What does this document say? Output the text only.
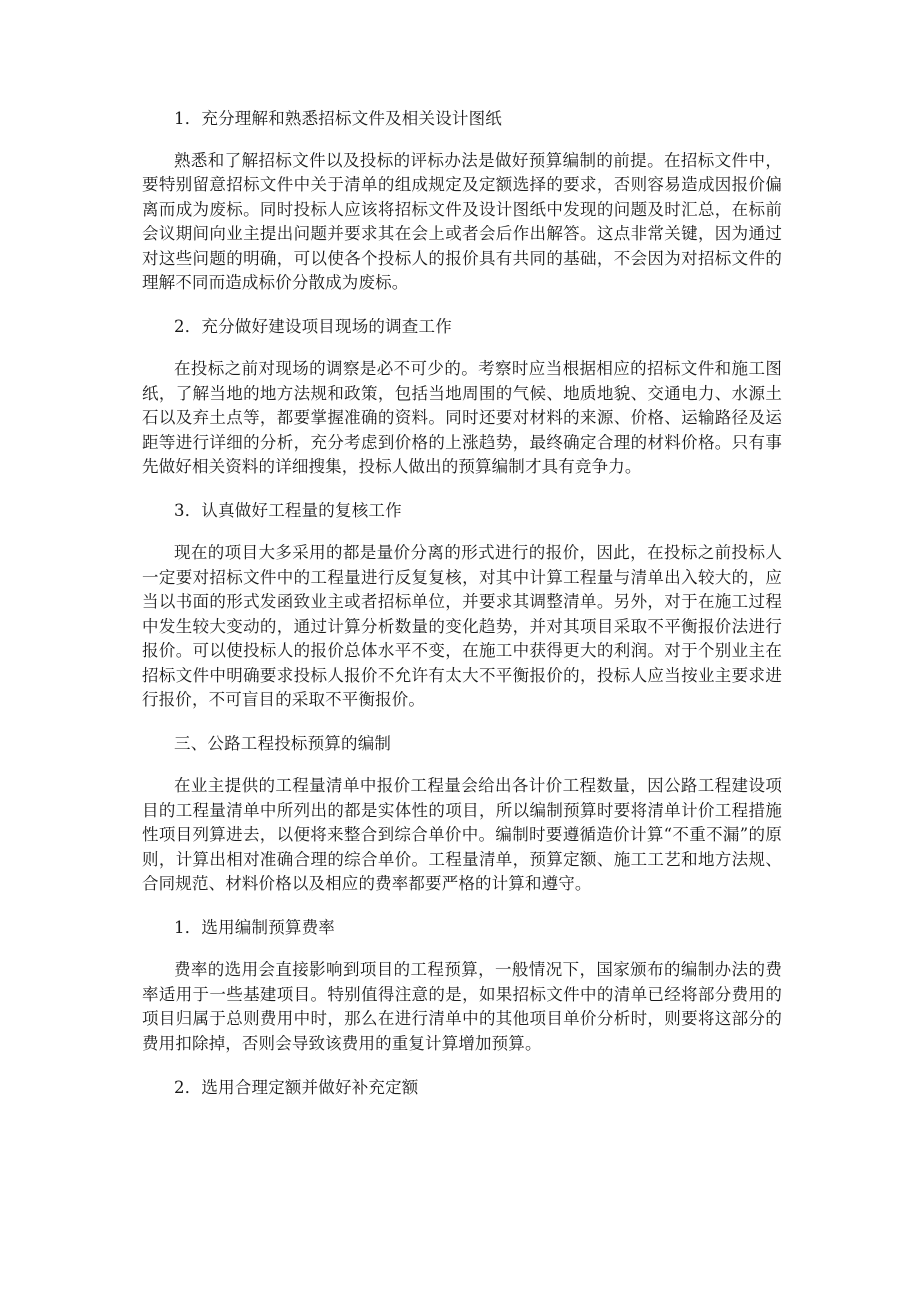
1．充分理解和熟悉招标文件及相关设计图纸
熟悉和了解招标文件以及投标的评标办法是做好预算编制的前提。在招标文件中，要特别留意招标文件中关于清单的组成规定及定额选择的要求，否则容易造成因报价偏离而成为废标。同时投标人应该将招标文件及设计图纸中发现的问题及时汇总，在标前会议期间向业主提出问题并要求其在会上或者会后作出解答。这点非常关键，因为通过对这些问题的明确，可以使各个投标人的报价具有共同的基础，不会因为对招标文件的理解不同而造成标价分散成为废标。
2．充分做好建设项目现场的调查工作
在投标之前对现场的调察是必不可少的。考察时应当根据相应的招标文件和施工图纸，了解当地的地方法规和政策，包括当地周围的气候、地质地貌、交通电力、水源土石以及弃土点等，都要掌握准确的资料。同时还要对材料的来源、价格、运输路径及运距等进行详细的分析，充分考虑到价格的上涨趋势，最终确定合理的材料价格。只有事先做好相关资料的详细搜集，投标人做出的预算编制才具有竞争力。
3．认真做好工程量的复核工作
现在的项目大多采用的都是量价分离的形式进行的报价，因此，在投标之前投标人一定要对招标文件中的工程量进行反复复核，对其中计算工程量与清单出入较大的，应当以书面的形式发函致业主或者招标单位，并要求其调整清单。另外，对于在施工过程中发生较大变动的，通过计算分析数量的变化趋势，并对其项目采取不平衡报价法进行报价。可以使投标人的报价总体水平不变，在施工中获得更大的利润。对于个别业主在招标文件中明确要求投标人报价不允许有太大不平衡报价的，投标人应当按业主要求进行报价，不可盲目的采取不平衡报价。
三、公路工程投标预算的编制
在业主提供的工程量清单中报价工程量会给出各计价工程数量，因公路工程建设项目的工程量清单中所列出的都是实体性的项目，所以编制预算时要将清单计价工程措施性项目列算进去，以便将来整合到综合单价中。编制时要遵循造价计算“不重不漏”的原则，计算出相对准确合理的综合单价。工程量清单，预算定额、施工工艺和地方法规、合同规范、材料价格以及相应的费率都要严格的计算和遵守。
1．选用编制预算费率
费率的选用会直接影响到项目的工程预算，一般情况下，国家颁布的编制办法的费率适用于一些基建项目。特别值得注意的是，如果招标文件中的清单已经将部分费用的项目归属于总则费用中时，那么在进行清单中的其他项目单价分析时，则要将这部分的费用扣除掉，否则会导致该费用的重复计算增加预算。
2．选用合理定额并做好补充定额
